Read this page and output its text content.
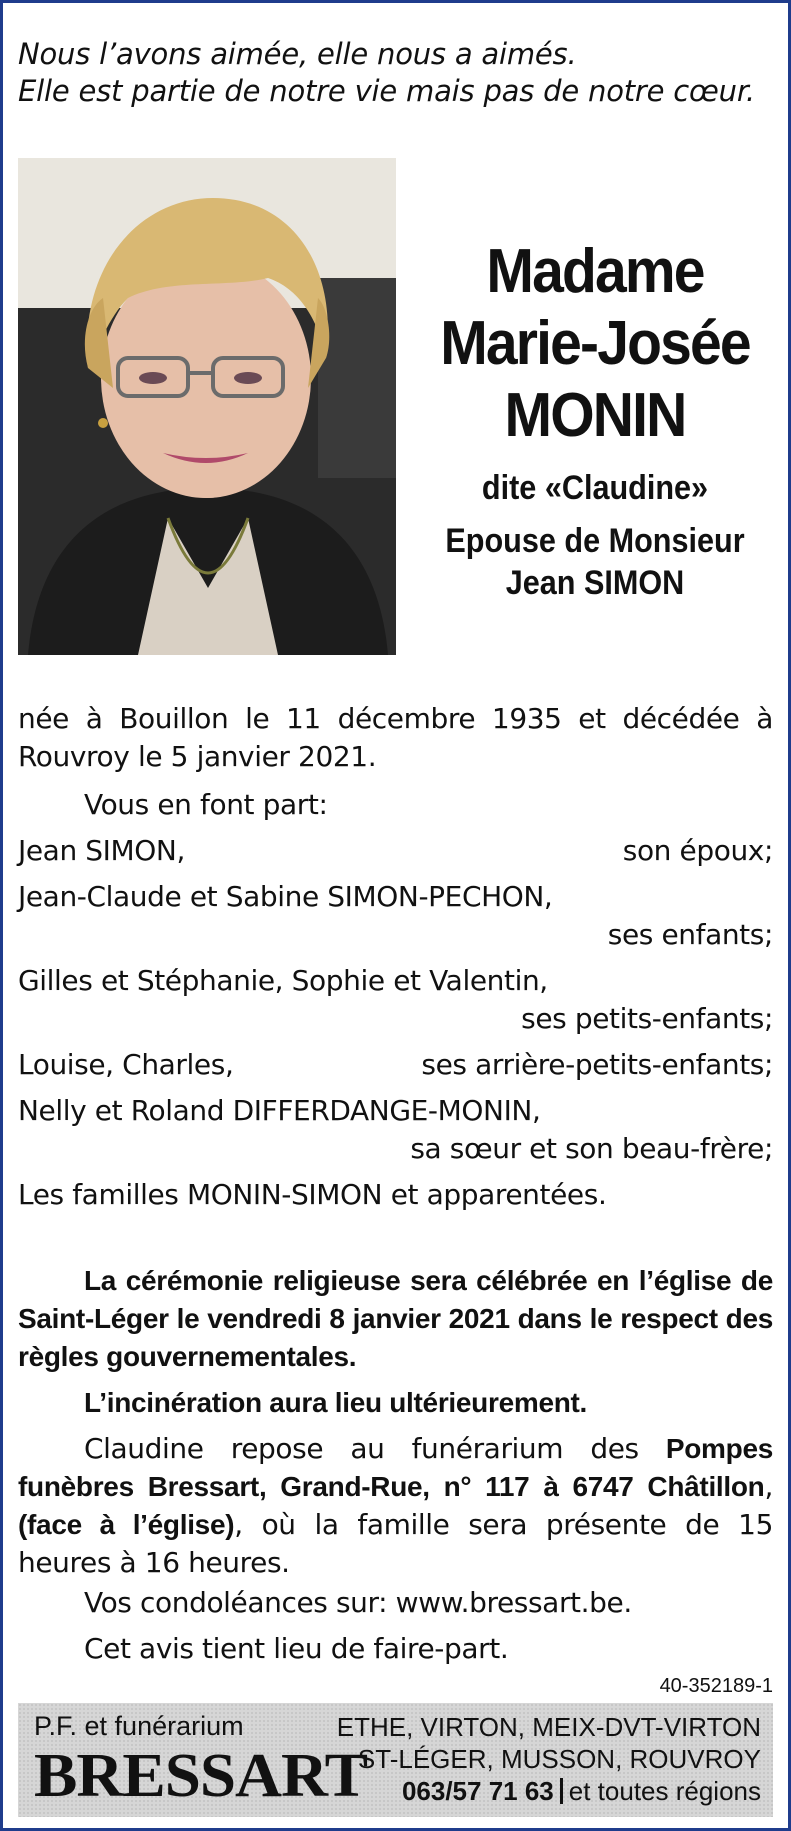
Nous l’avons aimée, elle nous a aimés.
Elle est partie de notre vie mais pas de notre cœur.
Madame
Marie-Josée
MONIN
dite «Claudine»
Epouse de Monsieur
Jean SIMON
née à Bouillon le 11 décembre 1935 et décédée à Rouvroy le 5 janvier 2021.
Vous en font part:
Jean SIMON,	son époux;
Jean-Claude et Sabine SIMON-PECHON,
ses enfants;
Gilles et Stéphanie, Sophie et Valentin,
ses petits-enfants;
Louise, Charles,	ses arrière-petits-enfants;
Nelly et Roland DIFFERDANGE-MONIN,
sa sœur et son beau-frère;
Les familles MONIN-SIMON et apparentées.
La cérémonie religieuse sera célébrée en l’église de Saint-Léger le vendredi 8 janvier 2021 dans le respect des règles gouvernementales.
L’incinération aura lieu ultérieurement.
Claudine repose au funérarium des Pompes funèbres Bressart, Grand-Rue, n° 117 à 6747 Châtillon, (face à l’église), où la famille sera présente de 15 heures à 16 heures.
Vos condoléances sur: www.bressart.be.
Cet avis tient lieu de faire-part.
40-352189-1
P.F. et funérarium
BRESSART
ETHE, VIRTON, MEIX-DVT-VIRTON
ST-LÉGER, MUSSON, ROUVROY
063/57 71 63 et toutes régions
